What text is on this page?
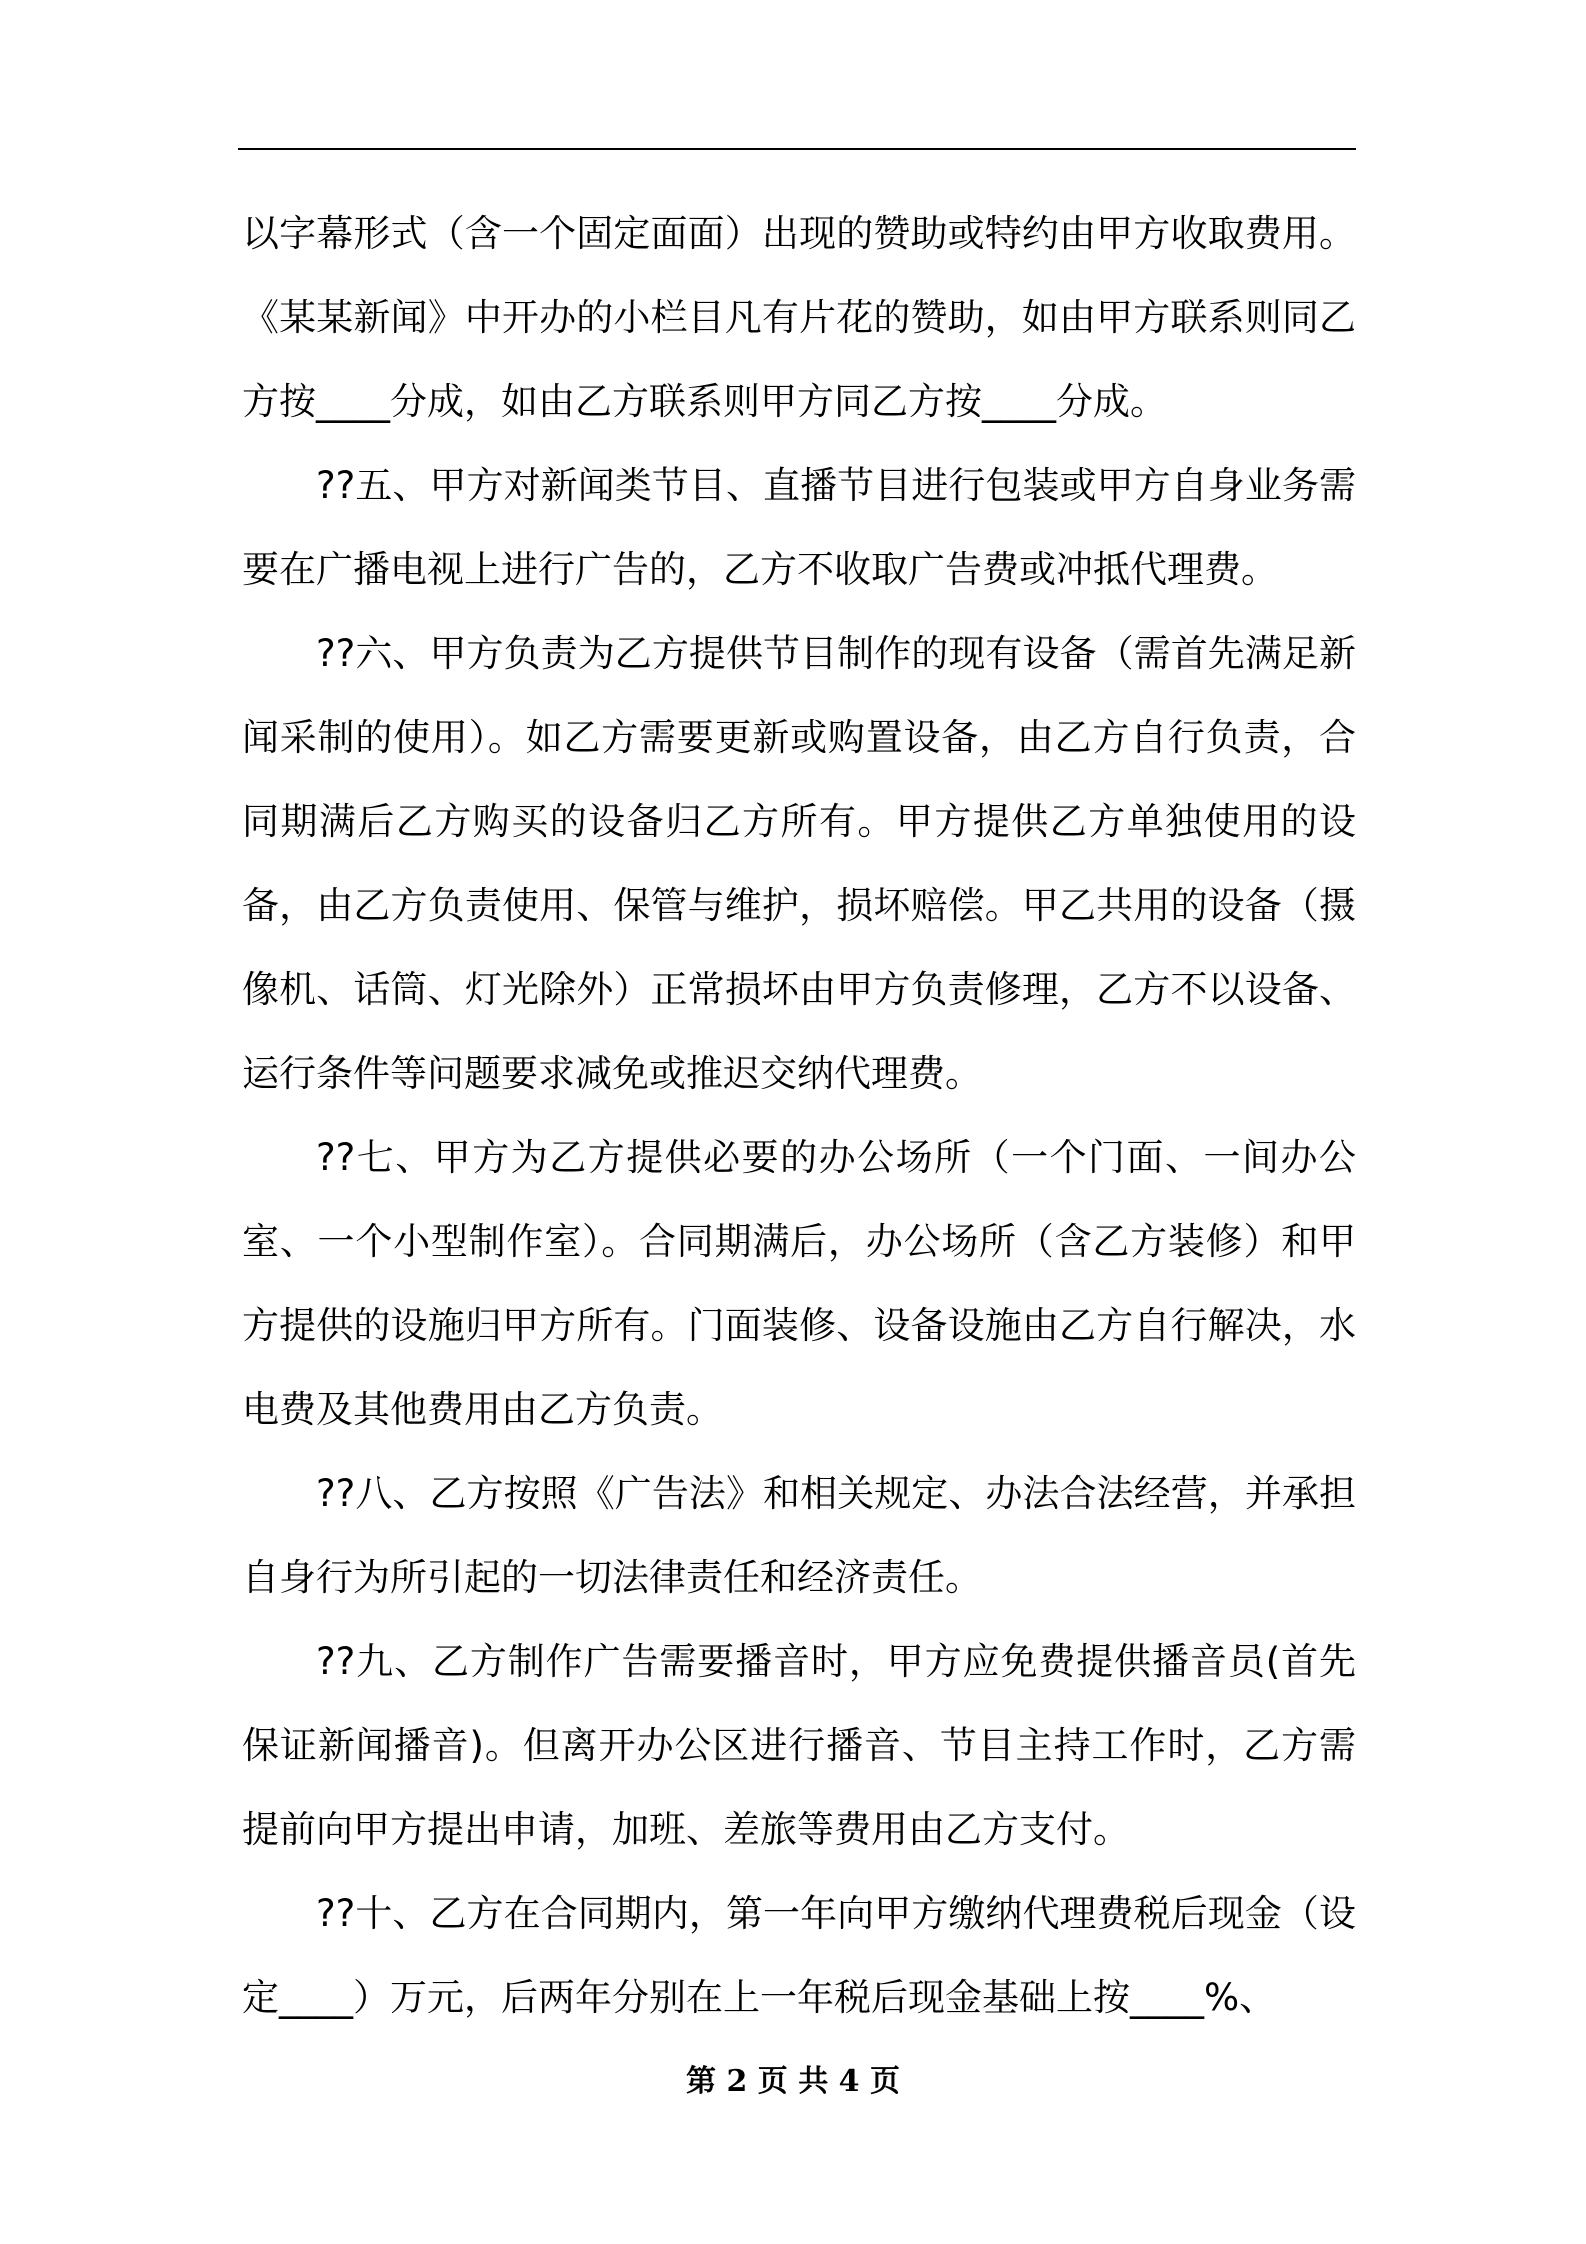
以字幕形式（含一个固定面面）出现的赞助或特约由甲方收取费用。《某某新闻》中开办的小栏目凡有片花的赞助，如由甲方联系则同乙方按____分成，如由乙方联系则甲方同乙方按____分成。

??五、甲方对新闻类节目、直播节目进行包装或甲方自身业务需要在广播电视上进行广告的，乙方不收取广告费或冲抵代理费。

??六、甲方负责为乙方提供节目制作的现有设备（需首先满足新闻采制的使用）。如乙方需要更新或购置设备，由乙方自行负责，合同期满后乙方购买的设备归乙方所有。甲方提供乙方单独使用的设备，由乙方负责使用、保管与维护，损坏赔偿。甲乙共用的设备（摄像机、话筒、灯光除外）正常损坏由甲方负责修理，乙方不以设备、运行条件等问题要求减免或推迟交纳代理费。

??七、甲方为乙方提供必要的办公场所（一个门面、一间办公室、一个小型制作室）。合同期满后，办公场所（含乙方装修）和甲方提供的设施归甲方所有。门面装修、设备设施由乙方自行解决，水电费及其他费用由乙方负责。

??八、乙方按照《广告法》和相关规定、办法合法经营，并承担自身行为所引起的一切法律责任和经济责任。

??九、乙方制作广告需要播音时，甲方应免费提供播音员(首先保证新闻播音)。但离开办公区进行播音、节目主持工作时，乙方需提前向甲方提出申请，加班、差旅等费用由乙方支付。

??十、乙方在合同期内，第一年向甲方缴纳代理费税后现金（设定____）万元，后两年分别在上一年税后现金基础上按____%、

第 2 页 共 4 页
